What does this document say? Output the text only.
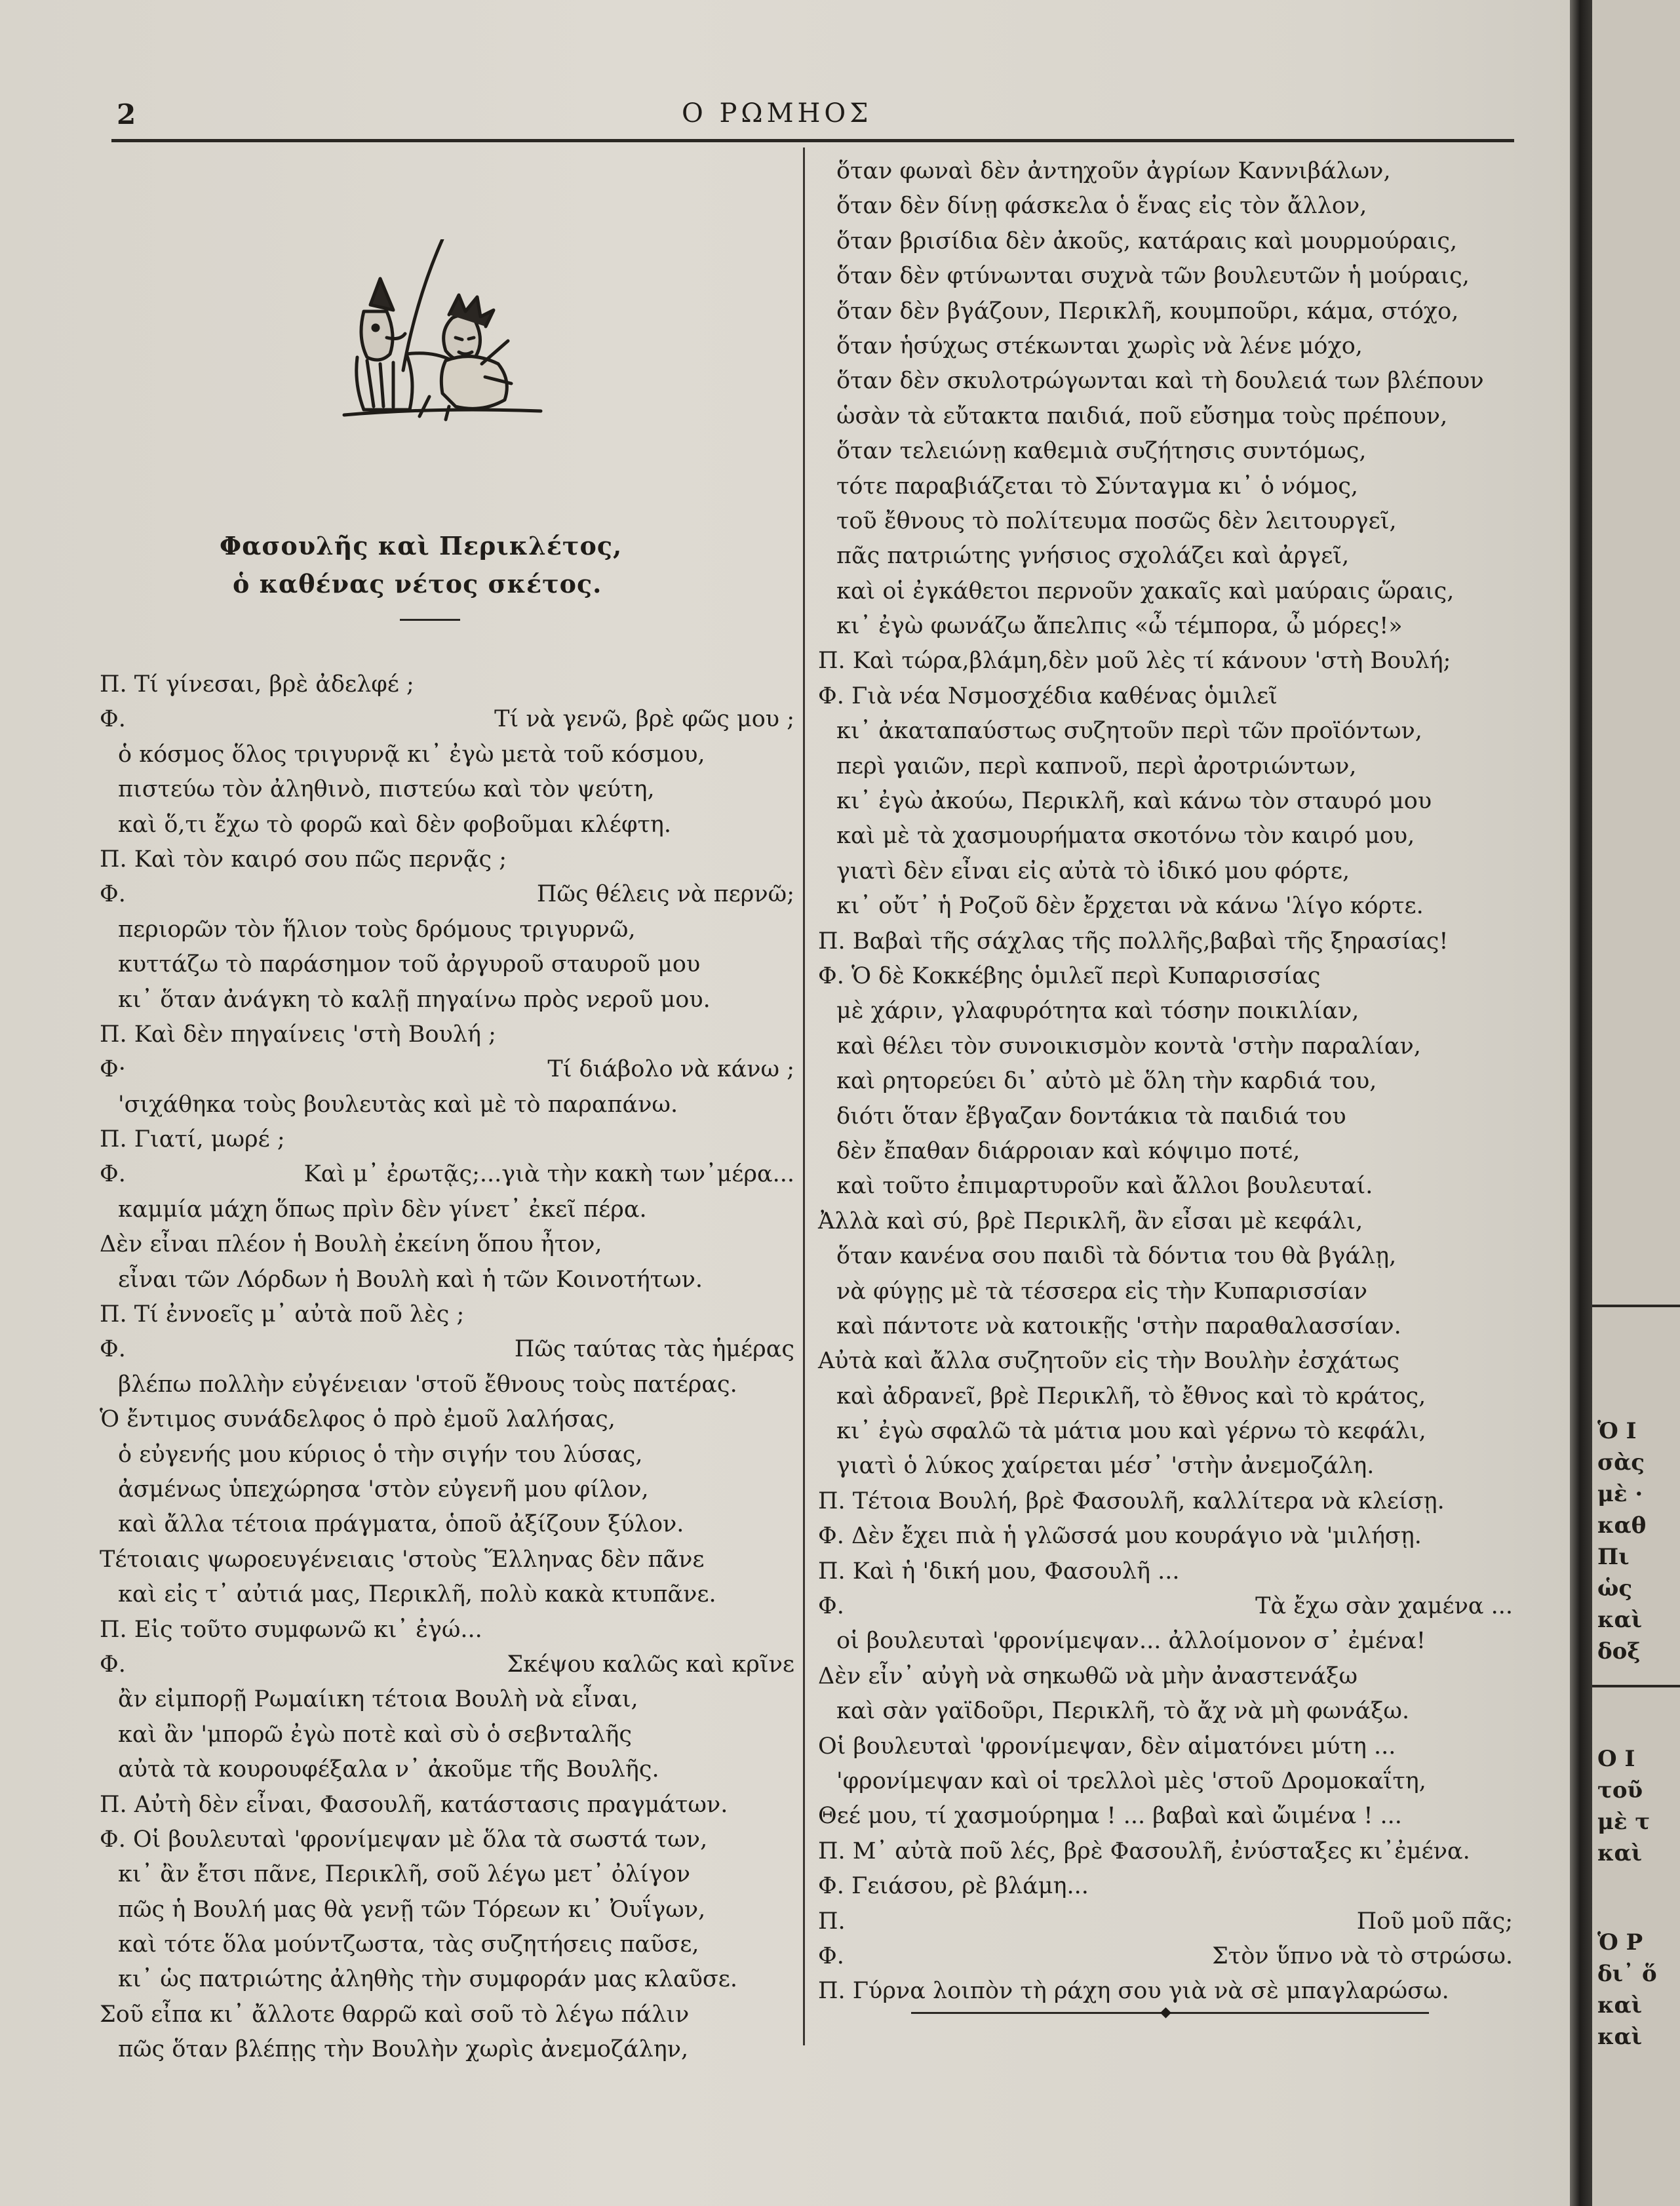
2	Ο ΡΩΜΗΟΣ
Φασουλῆς καὶ Περικλέτος,
ὁ καθένας νέτος σκέτος.
Π. Τί γίνεσαι, βρὲ ἀδελφέ ;
Φ.	Τί νὰ γενῶ, βρὲ φῶς μου ;
ὁ κόσμος ὅλος τριγυρνᾷ κι᾽ ἐγὼ μετὰ τοῦ κόσμου,
πιστεύω τὸν ἀληθινὸ, πιστεύω καὶ τὸν ψεύτη,
καὶ ὅ,τι ἔχω τὸ φορῶ καὶ δὲν φοβοῦμαι κλέφτη.
Π. Καὶ τὸν καιρό σου πῶς περνᾷς ;
Φ.	Πῶς θέλεις νὰ περνῶ;
περιορῶν τὸν ἥλιον τοὺς δρόμους τριγυρνῶ,
κυττάζω τὸ παράσημον τοῦ ἀργυροῦ σταυροῦ μου
κι᾽ ὅταν ἀνάγκη τὸ καλῇ πηγαίνω πρὸς νεροῦ μου.
Π. Καὶ δὲν πηγαίνεις 'στὴ Βουλή ;
Φ·	Τί διάβολο νὰ κάνω ;
'σιχάθηκα τοὺς βουλευτὰς καὶ μὲ τὸ παραπάνω.
Π. Γιατί, μωρέ ;
Φ.	Καὶ μ᾽ ἐρωτᾷς;...γιὰ τὴν κακὴ των᾽μέρα...
καμμία μάχη ὅπως πρὶν δὲν γίνετ᾽ ἐκεῖ πέρα.
Δὲν εἶναι πλέον ἡ Βουλὴ ἐκείνη ὅπου ἦτον,
εἶναι τῶν Λόρδων ἡ Βουλὴ καὶ ἡ τῶν Κοινοτήτων.
Π. Τί ἐννοεῖς μ᾽ αὐτὰ ποῦ λὲς ;
Φ.	Πῶς ταύτας τὰς ἡμέρας
βλέπω πολλὴν εὐγένειαν 'στοῦ ἔθνους τοὺς πατέρας.
Ὁ ἔντιμος συνάδελφος ὁ πρὸ ἐμοῦ λαλήσας,
ὁ εὐγενής μου κύριος ὁ τὴν σιγήν του λύσας,
ἀσμένως ὑπεχώρησα 'στὸν εὐγενῆ μου φίλον,
καὶ ἄλλα τέτοια πράγματα, ὁποῦ ἀξίζουν ξύλον.
Τέτοιαις ψωροευγένειαις 'στοὺς Ἕλληνας δὲν πᾶνε
καὶ εἰς τ᾽ αὐτιά μας, Περικλῆ, πολὺ κακὰ κτυπᾶνε.
Π. Εἰς τοῦτο συμφωνῶ κι᾽ ἐγώ...
Φ.	Σκέψου καλῶς καὶ κρῖνε
ἂν εἰμπορῇ Ρωμαίικη τέτοια Βουλὴ νὰ εἶναι,
καὶ ἂν 'μπορῶ ἐγὼ ποτὲ καὶ σὺ ὁ σεβνταλῆς
αὐτὰ τὰ κουρουφέξαλα ν᾽ ἀκοῦμε τῆς Βουλῆς.
Π. Αὐτὴ δὲν εἶναι, Φασουλῆ, κατάστασις πραγμάτων.
Φ. Οἱ βουλευταὶ 'φρονίμεψαν μὲ ὅλα τὰ σωστά των,
κι᾽ ἂν ἔτσι πᾶνε, Περικλῆ, σοῦ λέγω μετ᾽ ὀλίγον
πῶς ἡ Βουλή μας θὰ γενῇ τῶν Τόρεων κι᾽ Ὀυΐγων,
καὶ τότε ὅλα μούντζωστα, τὰς συζητήσεις παῦσε,
κι᾽ ὡς πατριώτης ἀληθὴς τὴν συμφοράν μας κλαῦσε.
Σοῦ εἶπα κι᾽ ἄλλοτε θαρρῶ καὶ σοῦ τὸ λέγω πάλιν
πῶς ὅταν βλέπῃς τὴν Βουλὴν χωρὶς ἀνεμοζάλην,
ὅταν φωναὶ δὲν ἀντηχοῦν ἀγρίων Καννιβάλων,
ὅταν δὲν δίνῃ φάσκελα ὁ ἕνας εἰς τὸν ἄλλον,
ὅταν βρισίδια δὲν ἀκοῦς, κατάραις καὶ μουρμούραις,
ὅταν δὲν φτύνωνται συχνὰ τῶν βουλευτῶν ἡ μούραις,
ὅταν δὲν βγάζουν, Περικλῆ, κουμποῦρι, κάμα, στόχο,
ὅταν ἡσύχως στέκωνται χωρὶς νὰ λένε μόχο,
ὅταν δὲν σκυλοτρώγωνται καὶ τὴ δουλειά των βλέπουν
ὡσὰν τὰ εὔτακτα παιδιά, ποῦ εὔσημα τοὺς πρέπουν,
ὅταν τελειώνῃ καθεμιὰ συζήτησις συντόμως,
τότε παραβιάζεται τὸ Σύνταγμα κι᾽ ὁ νόμος,
τοῦ ἔθνους τὸ πολίτευμα ποσῶς δὲν λειτουργεῖ,
πᾶς πατριώτης γνήσιος σχολάζει καὶ ἀργεῖ,
καὶ οἱ ἐγκάθετοι περνοῦν χακαῖς καὶ μαύραις ὥραις,
κι᾽ ἐγὼ φωνάζω ἄπελπις «ὦ τέμπορα, ὦ μόρες!»
Π. Καὶ τώρα,βλάμη,δὲν μοῦ λὲς τί κάνουν 'στὴ Βουλή;
Φ. Γιὰ νέα Νσμοσχέδια καθένας ὁμιλεῖ
κι᾽ ἀκαταπαύστως συζητοῦν περὶ τῶν προϊόντων,
περὶ γαιῶν, περὶ καπνοῦ, περὶ ἀροτριώντων,
κι᾽ ἐγὼ ἀκούω, Περικλῆ, καὶ κάνω τὸν σταυρό μου
καὶ μὲ τὰ χασμουρήματα σκοτόνω τὸν καιρό μου,
γιατὶ δὲν εἶναι εἰς αὐτὰ τὸ ἰδικό μου φόρτε,
κι᾽ οὔτ᾽ ἡ Ροζοῦ δὲν ἔρχεται νὰ κάνω 'λίγο κόρτε.
Π. Βαβαὶ τῆς σάχλας τῆς πολλῆς,βαβαὶ τῆς ξηρασίας!
Φ. Ὁ δὲ Κοκκέβης ὁμιλεῖ περὶ Κυπαρισσίας
μὲ χάριν, γλαφυρότητα καὶ τόσην ποικιλίαν,
καὶ θέλει τὸν συνοικισμὸν κοντὰ 'στὴν παραλίαν,
καὶ ρητορεύει δι᾽ αὐτὸ μὲ ὅλη τὴν καρδιά του,
διότι ὅταν ἔβγαζαν δοντάκια τὰ παιδιά του
δὲν ἔπαθαν διάρροιαν καὶ κόψιμο ποτέ,
καὶ τοῦτο ἐπιμαρτυροῦν καὶ ἄλλοι βουλευταί.
Ἀλλὰ καὶ σύ, βρὲ Περικλῆ, ἂν εἶσαι μὲ κεφάλι,
ὅταν κανένα σου παιδὶ τὰ δόντια του θὰ βγάλῃ,
νὰ φύγῃς μὲ τὰ τέσσερα εἰς τὴν Κυπαρισσίαν
καὶ πάντοτε νὰ κατοικῇς 'στὴν παραθαλασσίαν.
Αὐτὰ καὶ ἄλλα συζητοῦν εἰς τὴν Βουλὴν ἐσχάτως
καὶ ἀδρανεῖ, βρὲ Περικλῆ, τὸ ἔθνος καὶ τὸ κράτος,
κι᾽ ἐγὼ σφαλῶ τὰ μάτια μου καὶ γέρνω τὸ κεφάλι,
γιατὶ ὁ λύκος χαίρεται μέσ᾽ 'στὴν ἀνεμοζάλη.
Π. Τέτοια Βουλή, βρὲ Φασουλῆ, καλλίτερα νὰ κλείσῃ.
Φ. Δὲν ἔχει πιὰ ἡ γλῶσσά μου κουράγιο νὰ 'μιλήσῃ.
Π. Καὶ ἡ 'δική μου, Φασουλῆ ...
Φ.	Τὰ ἔχω σὰν χαμένα ...
οἱ βουλευταὶ 'φρονίμεψαν... ἀλλοίμονον σ᾽ ἐμένα!
Δὲν εἶν᾽ αὐγὴ νὰ σηκωθῶ νὰ μὴν ἀναστενάξω
καὶ σὰν γαϊδοῦρι, Περικλῆ, τὸ ἄχ νὰ μὴ φωνάξω.
Οἱ βουλευταὶ 'φρονίμεψαν, δὲν αἱματόνει μύτη ...
'φρονίμεψαν καὶ οἱ τρελλοὶ μὲς 'στοῦ Δρομοκαΐτη,
Θεέ μου, τί χασμούρημα ! ... βαβαὶ καὶ ὤιμένα ! ...
Π. Μ᾽ αὐτὰ ποῦ λές, βρὲ Φασουλῆ, ἐνύσταξες κι᾽ἐμένα.
Φ. Γειάσου, ρὲ βλάμη...
Π.	Ποῦ μοῦ πᾶς;
Φ.	Στὸν ὕπνο νὰ τὸ στρώσω.
Π. Γύρνα λοιπὸν τὴ ράχη σου γιὰ νὰ σὲ μπαγλαρώσω.
◆
Ὁ Ι
σὰς
μὲ ·
καθ
Πι
ὡς
καὶ
δοξ
Ο Ι
τοῦ
μὲ τ
καὶ
Ὁ Ρ
δι᾽ ὅ
καὶ
καὶ
